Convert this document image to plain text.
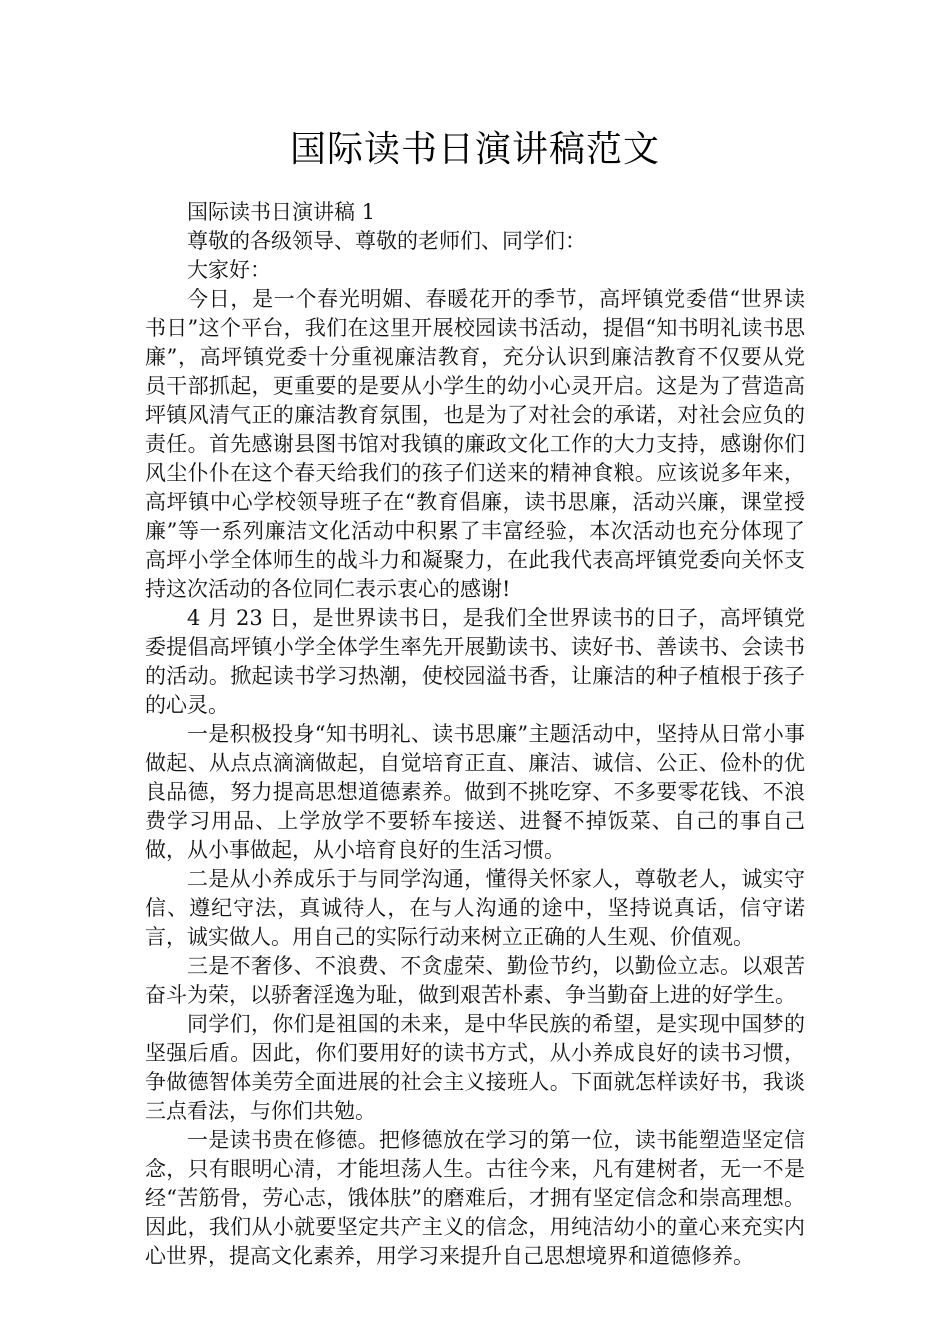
国际读书日演讲稿范文

国际读书日演讲稿 1

尊敬的各级领导、尊敬的老师们、同学们：

大家好：

今日，是一个春光明媚、春暖花开的季节，高坪镇党委借“世界读书日”这个平台，我们在这里开展校园读书活动，提倡“知书明礼读书思廉”，高坪镇党委十分重视廉洁教育，充分认识到廉洁教育不仅要从党员干部抓起，更重要的是要从小学生的幼小心灵开启。这是为了营造高坪镇风清气正的廉洁教育氛围，也是为了对社会的承诺，对社会应负的责任。首先感谢县图书馆对我镇的廉政文化工作的大力支持，感谢你们风尘仆仆在这个春天给我们的孩子们送来的精神食粮。应该说多年来，高坪镇中心学校领导班子在“教育倡廉，读书思廉，活动兴廉，课堂授廉”等一系列廉洁文化活动中积累了丰富经验，本次活动也充分体现了高坪小学全体师生的战斗力和凝聚力，在此我代表高坪镇党委向关怀支持这次活动的各位同仁表示衷心的感谢!

4 月 23 日，是世界读书日，是我们全世界读书的日子，高坪镇党委提倡高坪镇小学全体学生率先开展勤读书、读好书、善读书、会读书的活动。掀起读书学习热潮，使校园溢书香，让廉洁的种子植根于孩子的心灵。

一是积极投身“知书明礼、读书思廉”主题活动中，坚持从日常小事做起、从点点滴滴做起，自觉培育正直、廉洁、诚信、公正、俭朴的优良品德，努力提高思想道德素养。做到不挑吃穿、不多要零花钱、不浪费学习用品、上学放学不要轿车接送、进餐不掉饭菜、自己的事自己做，从小事做起，从小培育良好的生活习惯。

二是从小养成乐于与同学沟通，懂得关怀家人，尊敬老人，诚实守信、遵纪守法，真诚待人，在与人沟通的途中，坚持说真话，信守诺言，诚实做人。用自己的实际行动来树立正确的人生观、价值观。

三是不奢侈、不浪费、不贪虚荣、勤俭节约，以勤俭立志。以艰苦奋斗为荣，以骄奢淫逸为耻，做到艰苦朴素、争当勤奋上进的好学生。

同学们，你们是祖国的未来，是中华民族的希望，是实现中国梦的坚强后盾。因此，你们要用好的读书方式，从小养成良好的读书习惯，争做德智体美劳全面进展的社会主义接班人。下面就怎样读好书，我谈三点看法，与你们共勉。

一是读书贵在修德。把修德放在学习的第一位，读书能塑造坚定信念，只有眼明心清，才能坦荡人生。古往今来，凡有建树者，无一不是经“苦筋骨，劳心志，饿体肤”的磨难后，才拥有坚定信念和崇高理想。因此，我们从小就要坚定共产主义的信念，用纯洁幼小的童心来充实内心世界，提高文化素养，用学习来提升自己思想境界和道德修养。
